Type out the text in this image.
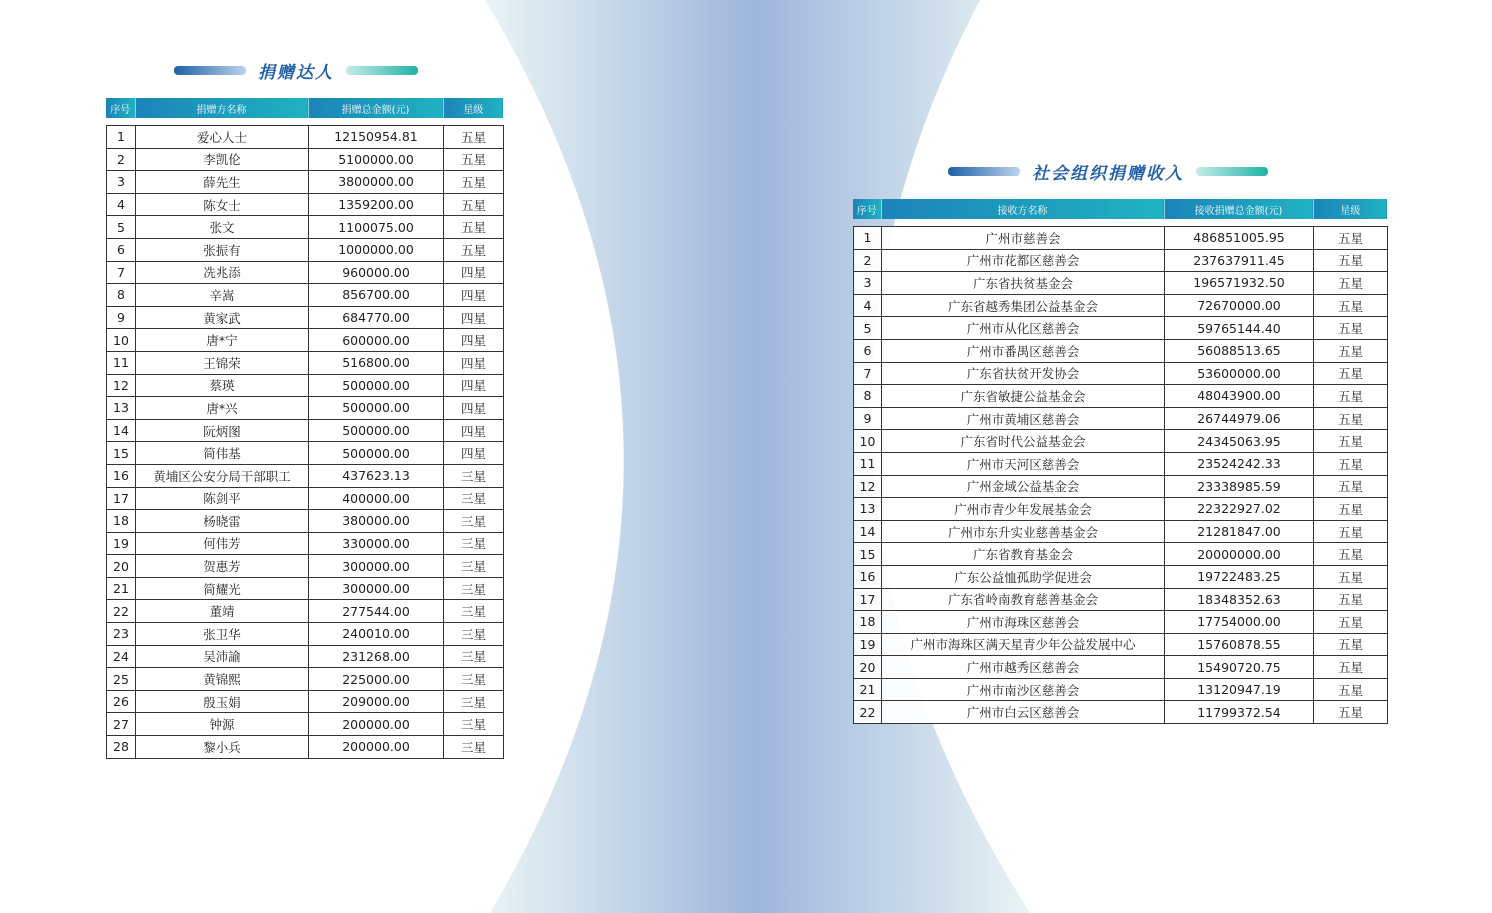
捐赠达人
序号	捐赠方名称	捐赠总金额(元)	星级
1	爱心人士	12150954.81	五星
2	李凯伦	5100000.00	五星
3	薛先生	3800000.00	五星
4	陈女士	1359200.00	五星
5	张文	1100075.00	五星
6	张振有	1000000.00	五星
7	冼兆添	960000.00	四星
8	辛嵩	856700.00	四星
9	黄家武	684770.00	四星
10	唐*宁	600000.00	四星
11	王锦荣	516800.00	四星
12	蔡瑛	500000.00	四星
13	唐*兴	500000.00	四星
14	阮炳图	500000.00	四星
15	简伟基	500000.00	四星
16	黄埔区公安分局干部职工	437623.13	三星
17	陈剑平	400000.00	三星
18	杨晓雷	380000.00	三星
19	何伟芳	330000.00	三星
20	贺惠芳	300000.00	三星
21	简耀光	300000.00	三星
22	董靖	277544.00	三星
23	张卫华	240010.00	三星
24	吴沛諭	231268.00	三星
25	黄锦熙	225000.00	三星
26	殷玉娟	209000.00	三星
27	钟源	200000.00	三星
28	黎小兵	200000.00	三星
社会组织捐赠收入
序号	接收方名称	接收捐赠总金额(元)	星级
1	广州市慈善会	486851005.95	五星
2	广州市花都区慈善会	237637911.45	五星
3	广东省扶贫基金会	196571932.50	五星
4	广东省越秀集团公益基金会	72670000.00	五星
5	广州市从化区慈善会	59765144.40	五星
6	广州市番禺区慈善会	56088513.65	五星
7	广东省扶贫开发协会	53600000.00	五星
8	广东省敏捷公益基金会	48043900.00	五星
9	广州市黄埔区慈善会	26744979.06	五星
10	广东省时代公益基金会	24345063.95	五星
11	广州市天河区慈善会	23524242.33	五星
12	广州金域公益基金会	23338985.59	五星
13	广州市青少年发展基金会	22322927.02	五星
14	广州市东升实业慈善基金会	21281847.00	五星
15	广东省教育基金会	20000000.00	五星
16	广东公益恤孤助学促进会	19722483.25	五星
17	广东省岭南教育慈善基金会	18348352.63	五星
18	广州市海珠区慈善会	17754000.00	五星
19	广州市海珠区满天星青少年公益发展中心	15760878.55	五星
20	广州市越秀区慈善会	15490720.75	五星
21	广州市南沙区慈善会	13120947.19	五星
22	广州市白云区慈善会	11799372.54	五星
